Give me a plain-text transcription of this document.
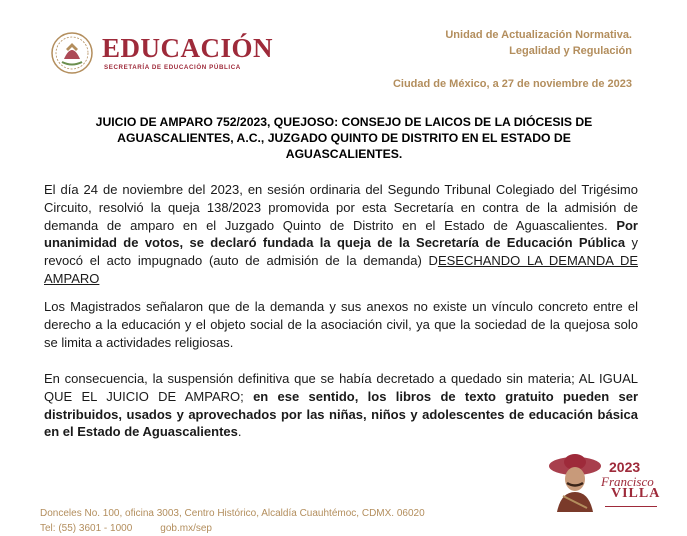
EDUCACIÓN
SECRETARÍA DE EDUCACIÓN PÚBLICA
Unidad de Actualización Normativa.
Legalidad y Regulación
Ciudad de México, a 27 de noviembre de 2023
JUICIO DE AMPARO 752/2023, QUEJOSO: CONSEJO DE LAICOS DE LA DIÓCESIS DE AGUASCALIENTES, A.C., JUZGADO QUINTO DE DISTRITO EN EL ESTADO DE AGUASCALIENTES.
El día 24 de noviembre del 2023, en sesión ordinaria del Segundo Tribunal Colegiado del Trigésimo Circuito, resolvió la queja 138/2023 promovida por esta Secretaría en contra de la admisión de demanda de amparo en el Juzgado Quinto de Distrito en el Estado de Aguascalientes. Por unanimidad de votos, se declaró fundada la queja de la Secretaría de Educación Pública y revocó el acto impugnado (auto de admisión de la demanda) DESECHANDO LA DEMANDA DE AMPARO
Los Magistrados señalaron que de la demanda y sus anexos no existe un vínculo concreto entre el derecho a la educación y el objeto social de la asociación civil, ya que la sociedad de la quejosa solo se limita a actividades religiosas.
En consecuencia, la suspensión definitiva que se había decretado a quedado sin materia; AL IGUAL QUE EL JUICIO DE AMPARO; en ese sentido, los libros de texto gratuito pueden ser distribuidos, usados y aprovechados por las niñas, niños y adolescentes de educación básica en el Estado de Aguascalientes.
2023
Francisco
VILLA
Donceles No. 100, oficina 3003, Centro Histórico, Alcaldía Cuauhtémoc, CDMX. 06020
Tel: (55) 3601 - 1000	gob.mx/sep
